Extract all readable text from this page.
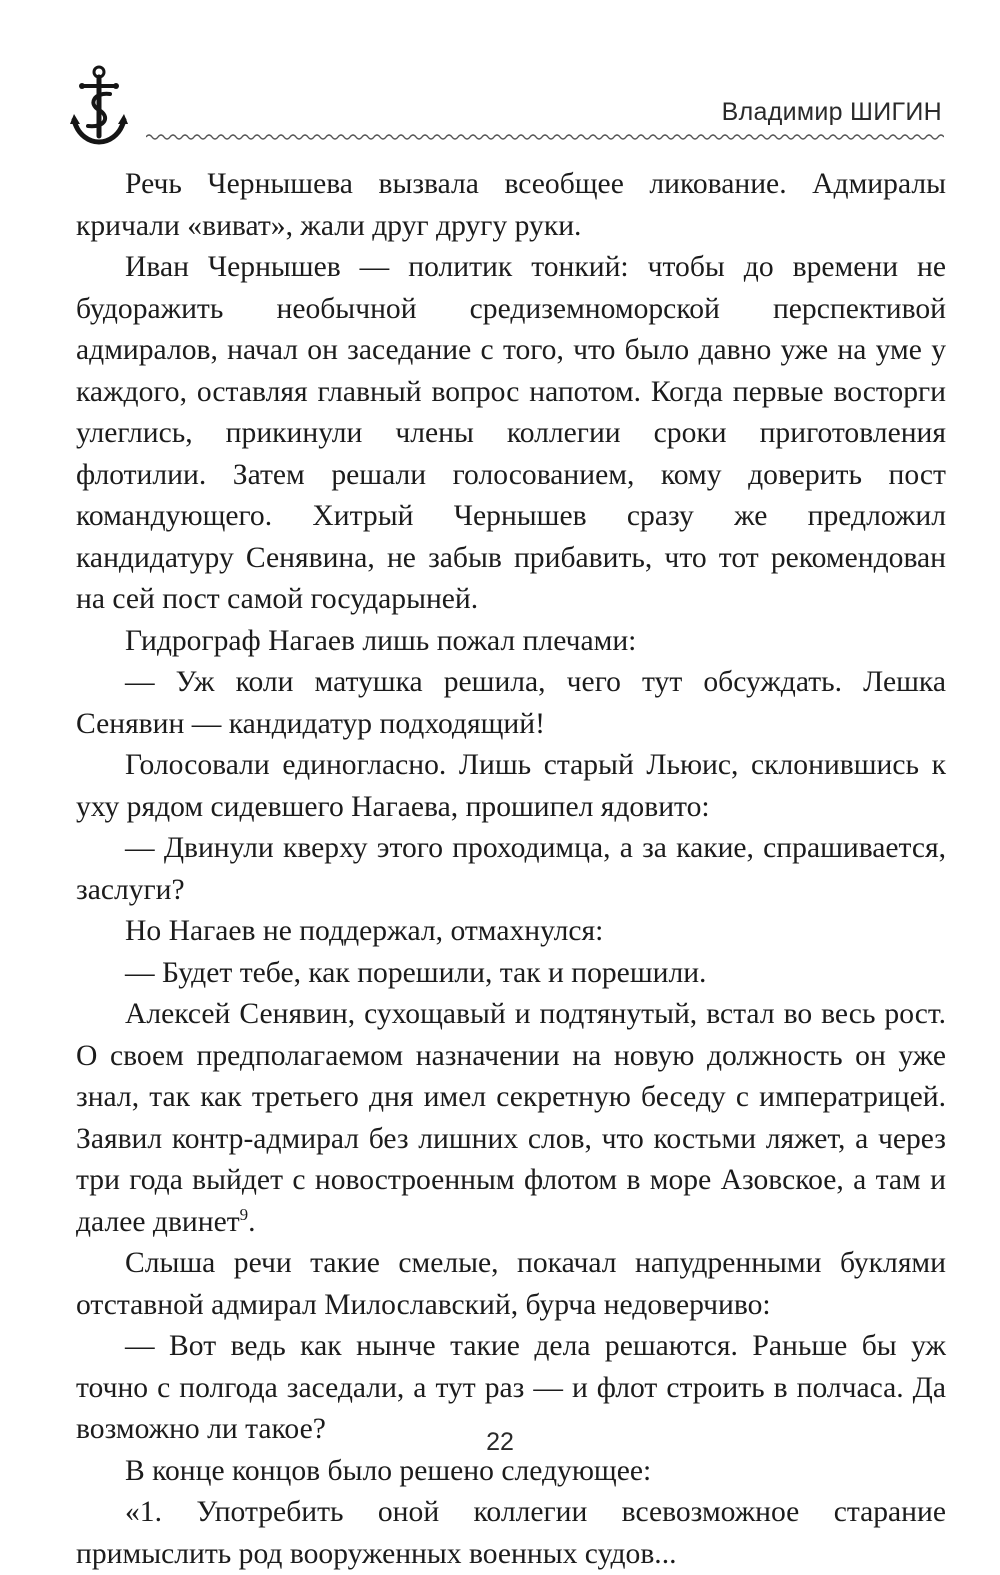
Владимир ШИГИН

Речь Чернышева вызвала всеобщее ликование. Адмиралы кричали «виват», жали друг другу руки.

Иван Чернышев — политик тонкий: чтобы до времени не будоражить необычной средиземноморской перспективой адмиралов, начал он заседание с того, что было давно уже на уме у каждого, оставляя главный вопрос напотом. Когда первые восторги улеглись, прикинули члены коллегии сроки приготовления флотилии. Затем решали голосованием, кому доверить пост командующего. Хитрый Чернышев сразу же предложил кандидатуру Сенявина, не забыв прибавить, что тот рекомендован на сей пост самой государыней.

Гидрограф Нагаев лишь пожал плечами:

— Уж коли матушка решила, чего тут обсуждать. Лешка Сенявин — кандидатур подходящий!

Голосовали единогласно. Лишь старый Льюис, склонившись к уху рядом сидевшего Нагаева, прошипел ядовито:

— Двинули кверху этого проходимца, а за какие, спрашивается, заслуги?

Но Нагаев не поддержал, отмахнулся:

— Будет тебе, как порешили, так и порешили.

Алексей Сенявин, сухощавый и подтянутый, встал во весь рост. О своем предполагаемом назначении на новую должность он уже знал, так как третьего дня имел секретную беседу с императрицей. Заявил контр-адмирал без лишних слов, что костьми ляжет, а через три года выйдет с новостроенным флотом в море Азовское, а там и далее двинет$^9$.

Слыша речи такие смелые, покачал напудренными буклями отставной адмирал Милославский, бурча недоверчиво:

— Вот ведь как нынче такие дела решаются. Раньше бы уж точно с полгода заседали, а тут раз — и флот строить в полчаса. Да возможно ли такое?

В конце концов было решено следующее:

«1. Употребить оной коллегии всевозможное старание примыслить род вооруженных военных судов...

22
